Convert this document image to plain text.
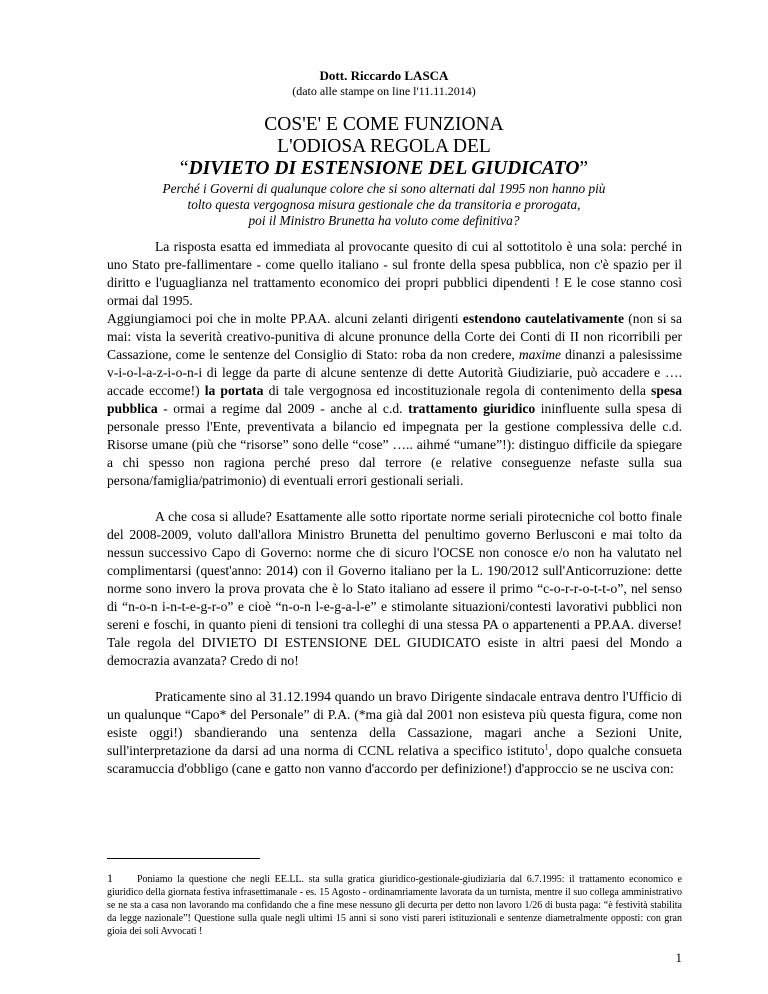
Dott. Riccardo LASCA
(dato alle stampe on line l'11.11.2014)
COS'E' E COME FUNZIONA
L'ODIOSA REGOLA DEL
“DIVIETO DI ESTENSIONE DEL GIUDICATO”
Perché i Governi di qualunque colore che si sono alternati dal 1995 non hanno più
tolto questa vergognosa misura gestionale che da transitoria e prorogata,
poi il Ministro Brunetta ha voluto come definitiva?

La risposta esatta ed immediata al provocante quesito di cui al sottotitolo è una sola: perché in uno Stato pre-fallimentare - come quello italiano - sul fronte della spesa pubblica, non c'è spazio per il diritto e l'uguaglianza nel trattamento economico dei propri pubblici dipendenti ! E le cose stanno così ormai dal 1995.

Aggiungiamoci poi che in molte PP.AA. alcuni zelanti dirigenti estendono cautelativamente (non si sa mai: vista la severità creativo-punitiva di alcune pronunce della Corte dei Conti di II non ricorribili per Cassazione, come le sentenze del Consiglio di Stato: roba da non credere, maxime dinanzi a palesissime v-i-o-l-a-z-i-o-n-i di legge da parte di alcune sentenze di dette Autorità Giudiziarie, può accadere e …. accade eccome!) la portata di tale vergognosa ed incostituzionale regola di contenimento della spesa pubblica - ormai a regime dal 2009 - anche al c.d. trattamento giuridico ininfluente sulla spesa di personale presso l'Ente, preventivata a bilancio ed impegnata per la gestione complessiva delle c.d. Risorse umane (più che “risorse” sono delle “cose” ….. aihmé “umane”!): distinguo difficile da spiegare a chi spesso non ragiona perché preso dal terrore (e relative conseguenze nefaste sulla sua persona/famiglia/patrimonio) di eventuali errori gestionali seriali.

A che cosa si allude? Esattamente alle sotto riportate norme seriali pirotecniche col botto finale del 2008-2009, voluto dall'allora Ministro Brunetta del penultimo governo Berlusconi e mai tolto da nessun successivo Capo di Governo: norme che di sicuro l'OCSE non conosce e/o non ha valutato nel complimentarsi (quest'anno: 2014) con il Governo italiano per la L. 190/2012 sull'Anticorruzione: dette norme sono invero la prova provata che è lo Stato italiano ad essere il primo “c-o-r-r-o-t-t-o”, nel senso di “n-o-n i-n-t-e-g-r-o” e cioè “n-o-n l-e-g-a-l-e” e stimolante situazioni/contesti lavorativi pubblici non sereni e foschi, in quanto pieni di tensioni tra colleghi di una stessa PA o appartenenti a PP.AA. diverse! Tale regola del DIVIETO DI ESTENSIONE DEL GIUDICATO esiste in altri paesi del Mondo a democrazia avanzata? Credo di no!

Praticamente sino al 31.12.1994 quando un bravo Dirigente sindacale entrava dentro l'Ufficio di un qualunque “Capo* del Personale” di P.A. (*ma già dal 2001 non esisteva più questa figura, come non esiste oggi!) sbandierando una sentenza della Cassazione, magari anche a Sezioni Unite, sull'interpretazione da darsi ad una norma di CCNL relativa a specifico istituto$^1$, dopo qualche consueta scaramuccia d'obbligo (cane e gatto non vanno d'accordo per definizione!) d'approccio se ne usciva con:

1 Poniamo la questione che negli EE.LL. sta sulla gratica giuridico-gestionale-giudiziaria dal 6.7.1995: il trattamento economico e giuridico della giornata festiva infrasettimanale - es. 15 Agosto - ordinamriamente lavorata da un turnista, mentre il suo collega amministrativo se ne sta a casa non lavorando ma confidando che a fine mese nessuno gli decurta per detto non lavoro 1/26 di busta paga: “è festività stabilita da legge nazionale”! Questione sulla quale negli ultimi 15 anni si sono visti pareri istituzionali e sentenze diametralmente opposti: con gran gioia dei soli Avvocati !
1
